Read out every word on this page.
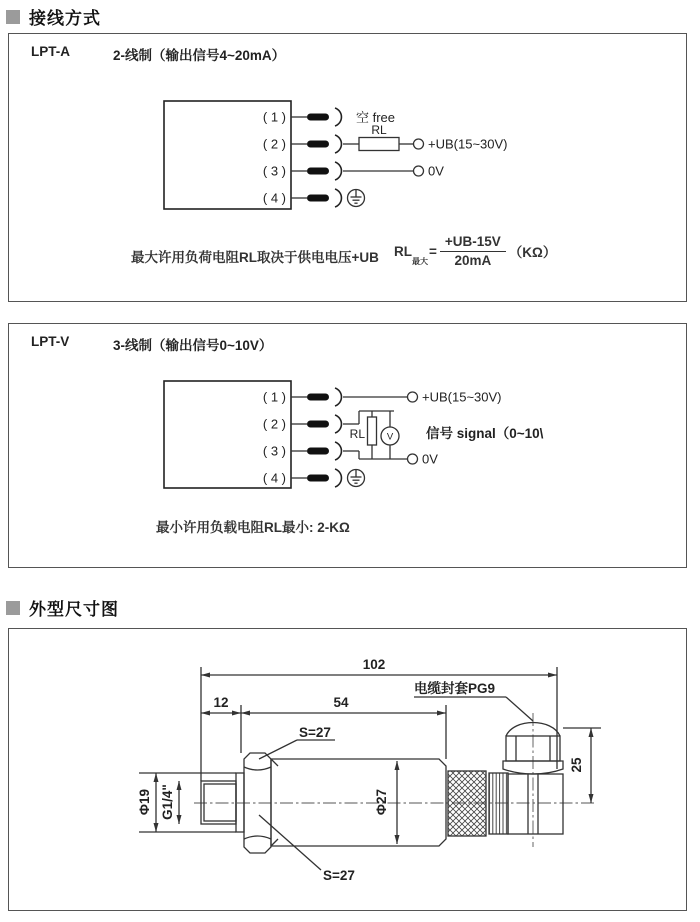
接线方式
LPT-A	2-线制（输出信号4~20mA）
( 1 )
( 2 )
( 3 )
( 4 )
空 free
RL
+UB(15~30V)
0V
最大许用负荷电阻RL取决于供电电压+UB RL
最大
= $\frac{+UB-15V}{20mA} (K\Omega)$
LPT-V	3-线制（输出信号0~10V）
( 1 )
( 2 )
( 3 )
( 4 )
+UB(15~30V)
RL V
0V
信号 signal（0~10\
最小许用负载电阻RL最小: 2-KΩ
外型尺寸图
102
12	54
Φ19 G1/4"	Φ27
25
电缆封套PG9
S=27
S=27
